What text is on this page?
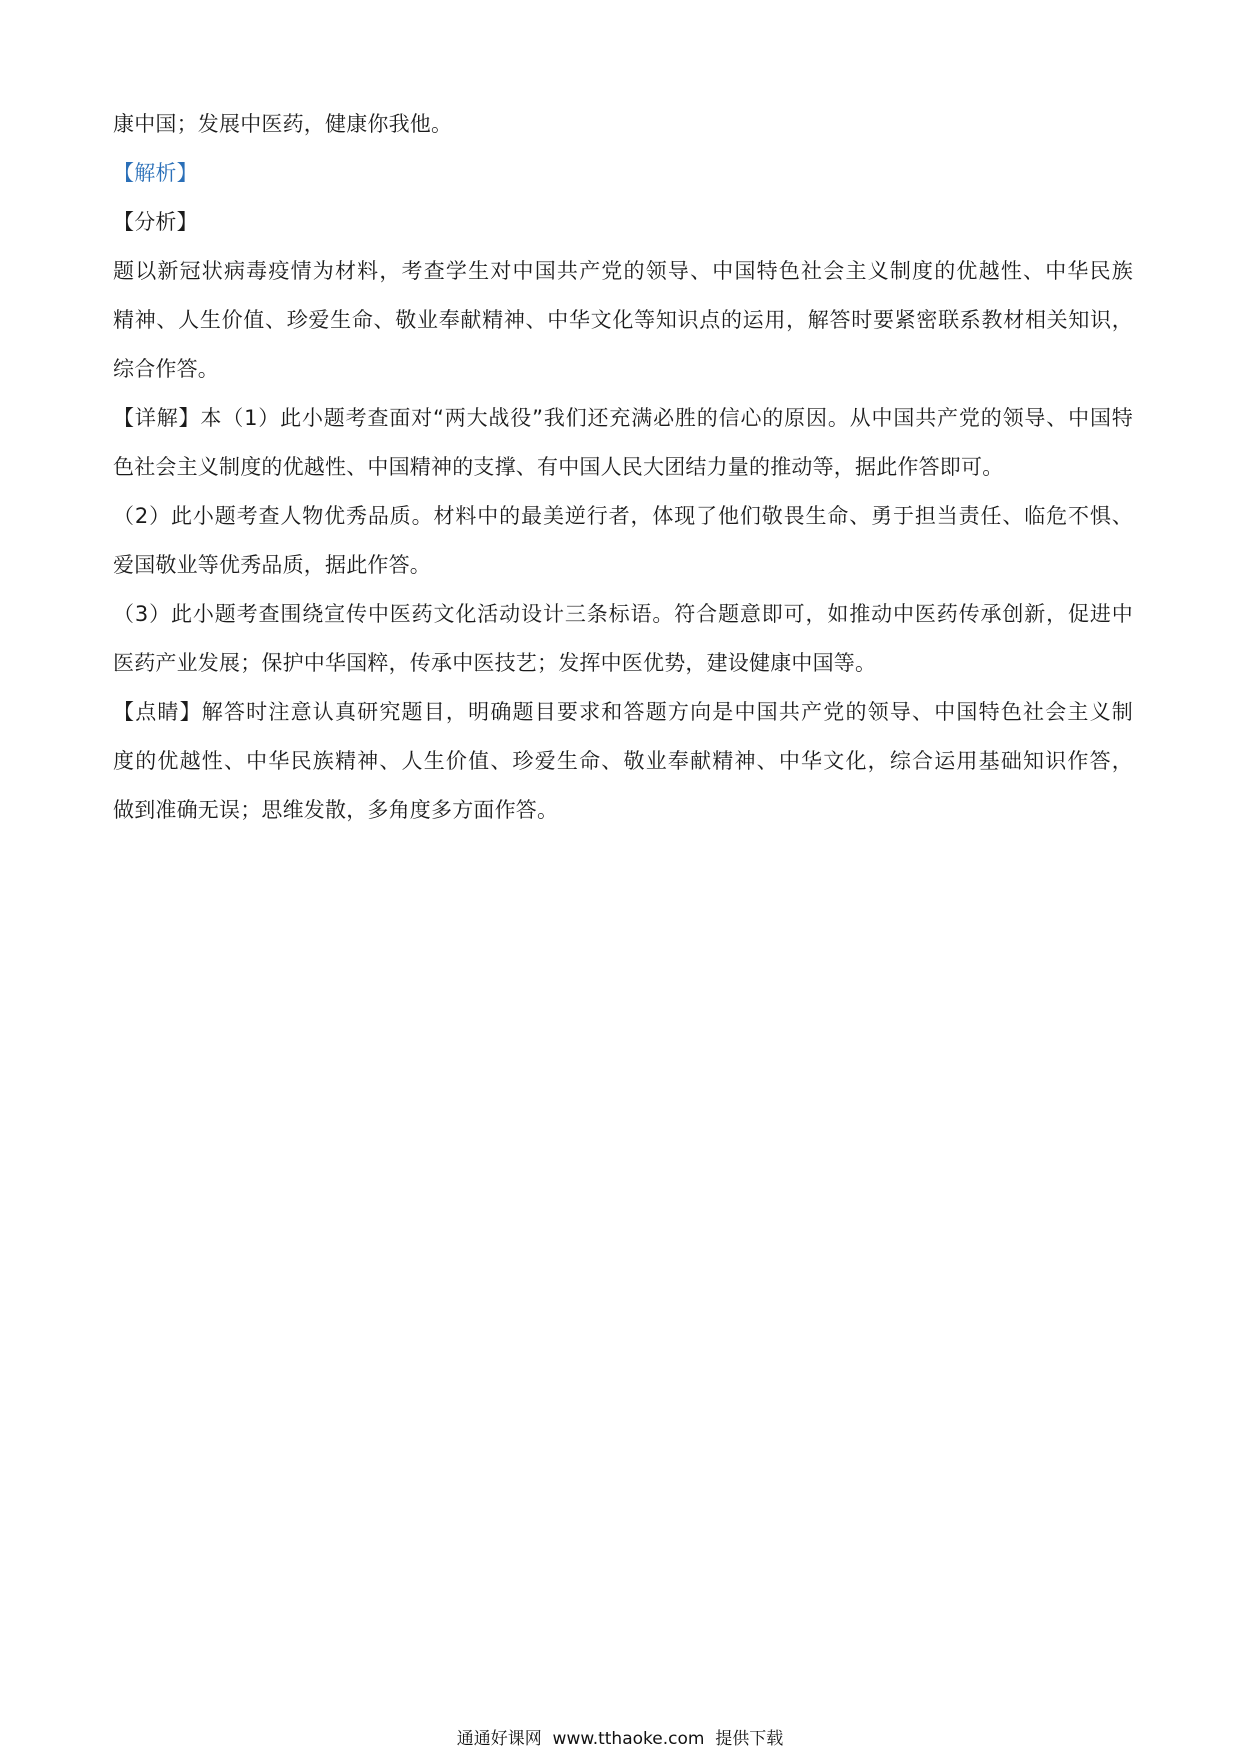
康中国；发展中医药，健康你我他。
【解析】
【分析】
题以新冠状病毒疫情为材料，考查学生对中国共产党的领导、中国特色社会主义制度的优越性、中华民族
精神、人生价值、珍爱生命、敬业奉献精神、中华文化等知识点的运用，解答时要紧密联系教材相关知识，
综合作答。
【详解】本（1）此小题考查面对“两大战役”我们还充满必胜的信心的原因。从中国共产党的领导、中国特
色社会主义制度的优越性、中国精神的支撑、有中国人民大团结力量的推动等，据此作答即可。
（2）此小题考查人物优秀品质。材料中的最美逆行者，体现了他们敬畏生命、勇于担当责任、临危不惧、
爱国敬业等优秀品质，据此作答。
（3）此小题考查围绕宣传中医药文化活动设计三条标语。符合题意即可，如推动中医药传承创新，促进中
医药产业发展；保护中华国粹，传承中医技艺；发挥中医优势，建设健康中国等。
【点睛】解答时注意认真研究题目，明确题目要求和答题方向是中国共产党的领导、中国特色社会主义制
度的优越性、中华民族精神、人生价值、珍爱生命、敬业奉献精神、中华文化，综合运用基础知识作答，
做到准确无误；思维发散，多角度多方面作答。
通通好课网  www.tthaoke.com  提供下载
